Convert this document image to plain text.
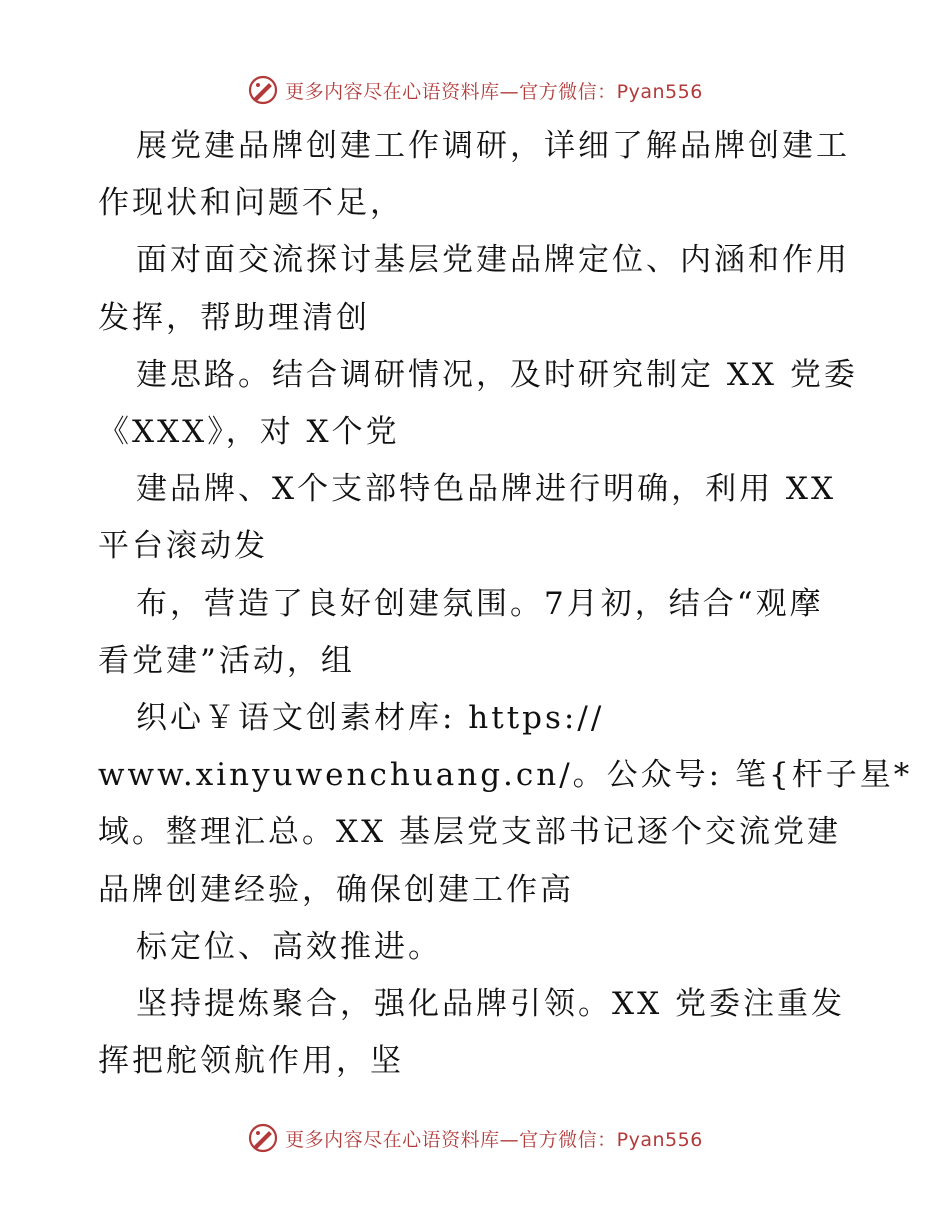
更多内容尽在心语资料库—官方微信：Pyan556

展党建品牌创建工作调研，详细了解品牌创建工

作现状和问题不足，

面对面交流探讨基层党建品牌定位、内涵和作用

发挥，帮助理清创

建思路。结合调研情况，及时研究制定 XX 党委

《XXX》，对 X个党

建品牌、X个支部特色品牌进行明确，利用 XX

平台滚动发

布，营造了良好创建氛围。7月初，结合“观摩

看党建”活动，组

织心￥语文创素材库: https://

www.xinyuwenchuang.cn/。公众号: 笔{杆子星*

域。整理汇总。XX 基层党支部书记逐个交流党建

品牌创建经验，确保创建工作高

标定位、高效推进。

坚持提炼聚合，强化品牌引领。XX 党委注重发

挥把舵领航作用，坚

更多内容尽在心语资料库—官方微信：Pyan556
